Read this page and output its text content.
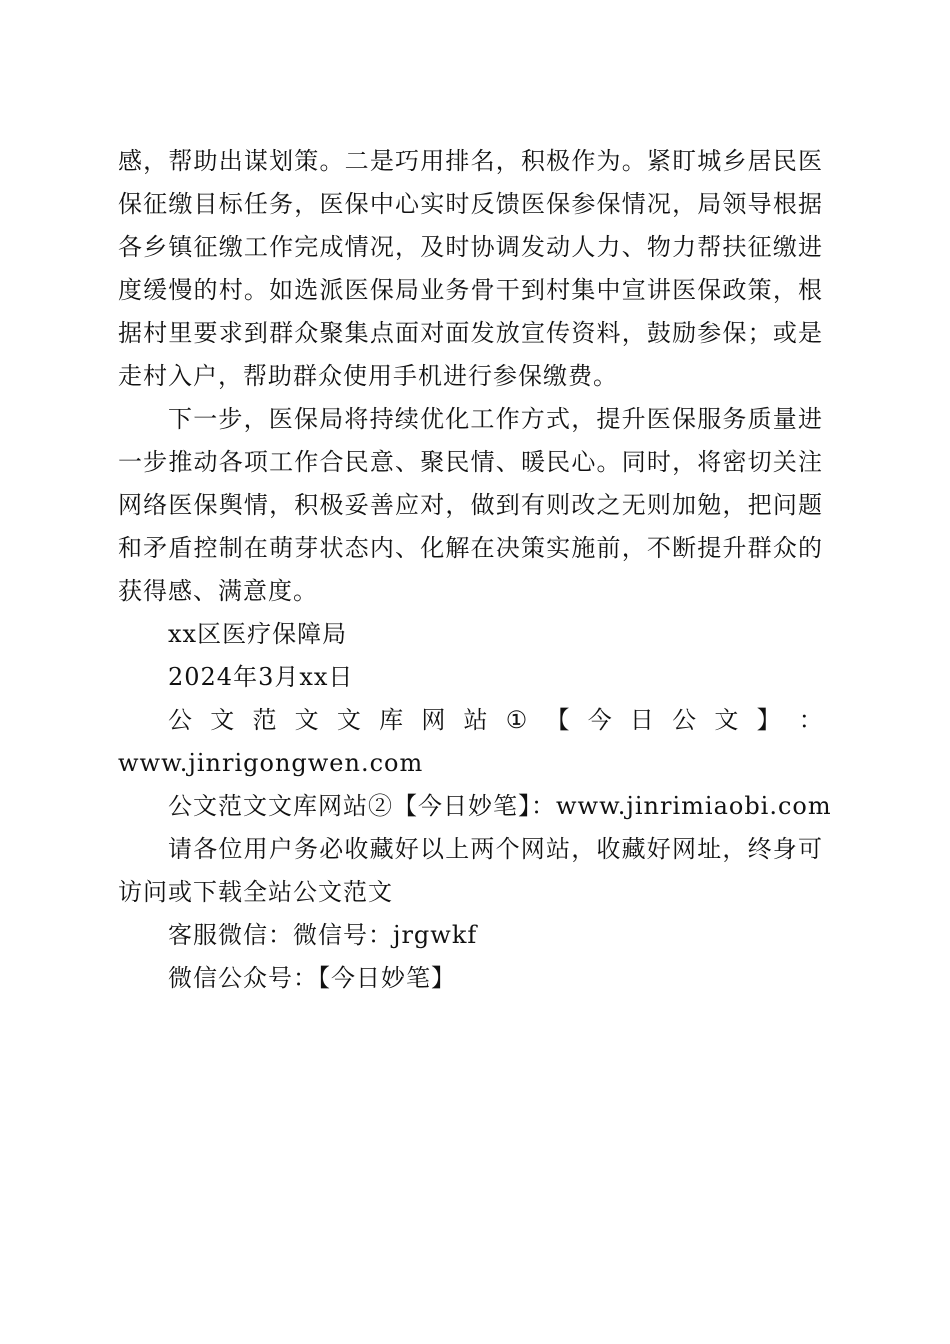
感，帮助出谋划策。二是巧用排名，积极作为。紧盯城乡居民医保征缴目标任务，医保中心实时反馈医保参保情况，局领导根据各乡镇征缴工作完成情况，及时协调发动人力、物力帮扶征缴进度缓慢的村。如选派医保局业务骨干到村集中宣讲医保政策，根据村里要求到群众聚集点面对面发放宣传资料，鼓励参保；或是走村入户，帮助群众使用手机进行参保缴费。

下一步，医保局将持续优化工作方式，提升医保服务质量进一步推动各项工作合民意、聚民情、暖民心。同时，将密切关注网络医保舆情，积极妥善应对，做到有则改之无则加勉，把问题和矛盾控制在萌芽状态内、化解在决策实施前，不断提升群众的获得感、满意度。

xx区医疗保障局

2024年3月xx日

公 文 范 文 文 库 网 站 ① 【 今 日 公 文 】 ：

www.jinrigongwen.com

公文范文文库网站②【今日妙笔】：www.jinrimiaobi.com

请各位用户务必收藏好以上两个网站，收藏好网址，终身可访问或下载全站公文范文

客服微信：微信号：jrgwkf

微信公众号：【今日妙笔】
